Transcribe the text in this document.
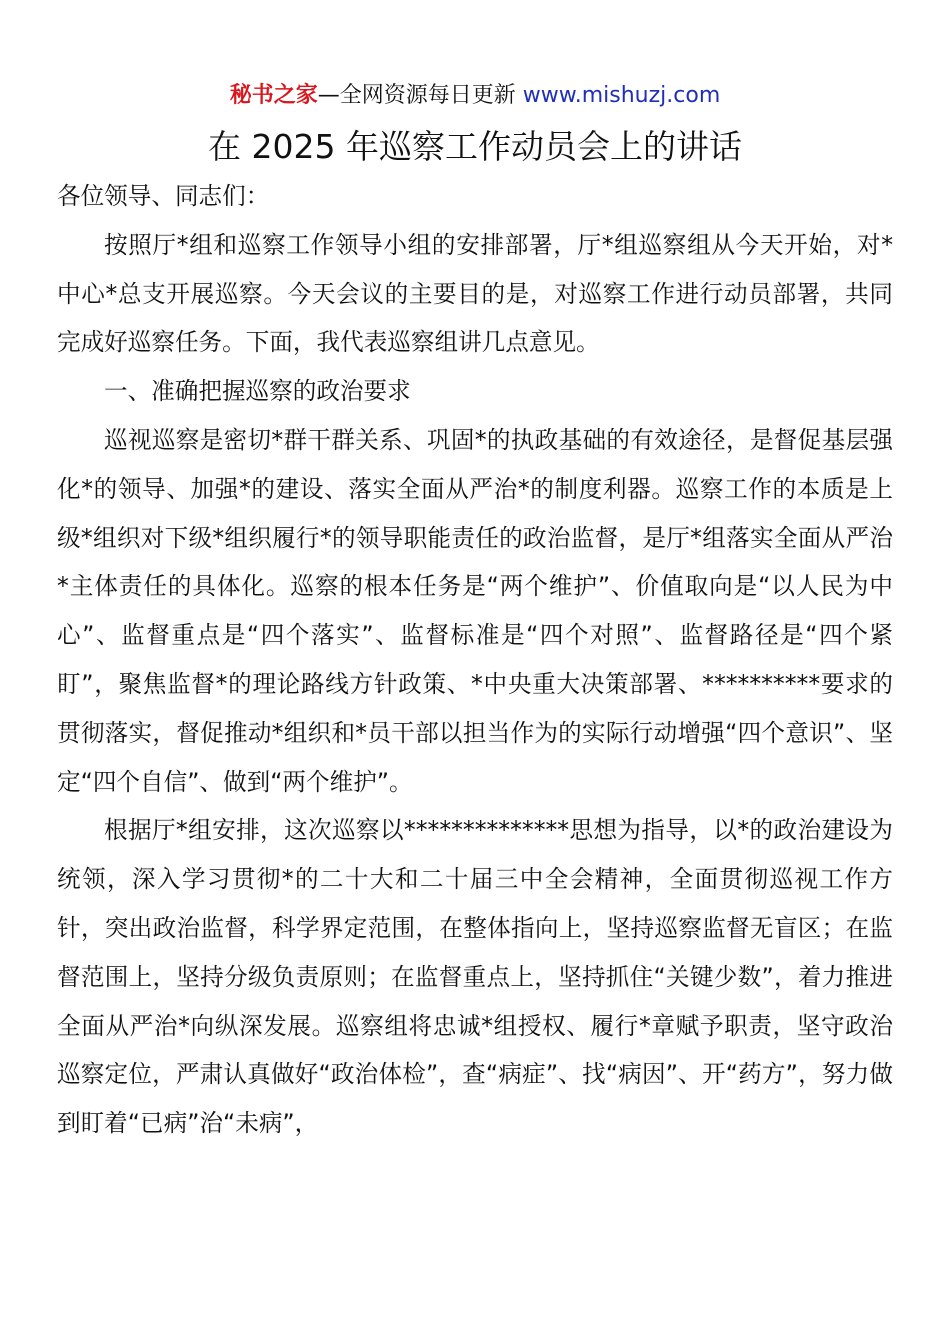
秘书之家—全网资源每日更新 www.mishuzj.com
在 2025 年巡察工作动员会上的讲话

各位领导、同志们：

按照厅*组和巡察工作领导小组的安排部署，厅*组巡察组从今天开始，对*中心*总支开展巡察。今天会议的主要目的是，对巡察工作进行动员部署，共同完成好巡察任务。下面，我代表巡察组讲几点意见。

一、准确把握巡察的政治要求

巡视巡察是密切*群干群关系、巩固*的执政基础的有效途径，是督促基层强化*的领导、加强*的建设、落实全面从严治*的制度利器。巡察工作的本质是上级*组织对下级*组织履行*的领导职能责任的政治监督，是厅*组落实全面从严治*主体责任的具体化。巡察的根本任务是“两个维护”、价值取向是“以人民为中心”、监督重点是“四个落实”、监督标准是“四个对照”、监督路径是“四个紧盯”，聚焦监督*的理论路线方针政策、*中央重大决策部署、**********要求的贯彻落实，督促推动*组织和*员干部以担当作为的实际行动增强“四个意识”、坚定“四个自信”、做到“两个维护”。

根据厅*组安排，这次巡察以**************思想为指导，以*的政治建设为统领，深入学习贯彻*的二十大和二十届三中全会精神，全面贯彻巡视工作方针，突出政治监督，科学界定范围，在整体指向上，坚持巡察监督无盲区；在监督范围上，坚持分级负责原则；在监督重点上，坚持抓住“关键少数”，着力推进全面从严治*向纵深发展。巡察组将忠诚*组授权、履行*章赋予职责，坚守政治巡察定位，严肃认真做好“政治体检”，查“病症”、找“病因”、开“药方”，努力做到盯着“已病”治“未病”，
